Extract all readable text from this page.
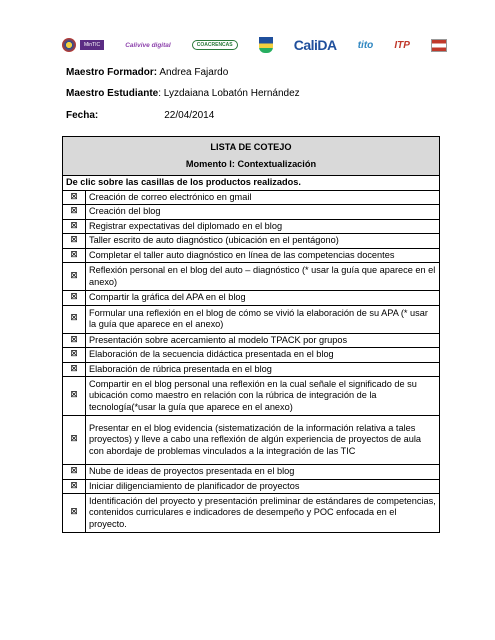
MinTIC	Calivive digital	COACRENCAS	CaliDA tito ITP
Maestro Formador: Andrea Fajardo
Maestro Estudiante: Lyzdaiana Lobatón Hernández
Fecha:	22/04/2014
LISTA DE COTEJO
Momento I: Contextualización	

De clic sobre las casillas de los productos realizados.	
⊠	Creación de correo electrónico en gmail
⊠	Creación del blog
⊠	Registrar expectativas del diplomado en el blog
⊠	Taller escrito de auto diagnóstico (ubicación en el pentágono)
⊠	Completar el taller auto diagnóstico en línea de las competencias docentes
⊠	Reflexión personal en el blog del auto – diagnóstico (* usar la guía que aparece en el anexo)
⊠	Compartir la gráfica del APA en el blog
⊠	Formular una reflexión en el blog de cómo se vivió la elaboración de su APA (* usar la guía que aparece en el anexo)
⊠	Presentación sobre acercamiento al modelo TPACK por grupos
⊠	Elaboración de la secuencia didáctica presentada en el blog
⊠	Elaboración de rúbrica presentada en el blog
⊠	Compartir en el blog personal una reflexión en la cual señale el significado de su ubicación como maestro en relación con la rúbrica de integración de la tecnología(*usar la guía que aparece en el anexo)
⊠	Presentar en el blog evidencia (sistematización de la información relativa a tales proyectos) y lleve a cabo una reflexión de algún experiencia de proyectos de aula con abordaje de problemas vinculados a la integración de las TIC
⊠	Nube de ideas de proyectos presentada en el blog
⊠	Iniciar diligenciamiento de planificador de proyectos
⊠	Identificación del proyecto y presentación preliminar de estándares de competencias, contenidos curriculares e indicadores de desempeño y POC enfocada en el proyecto.
